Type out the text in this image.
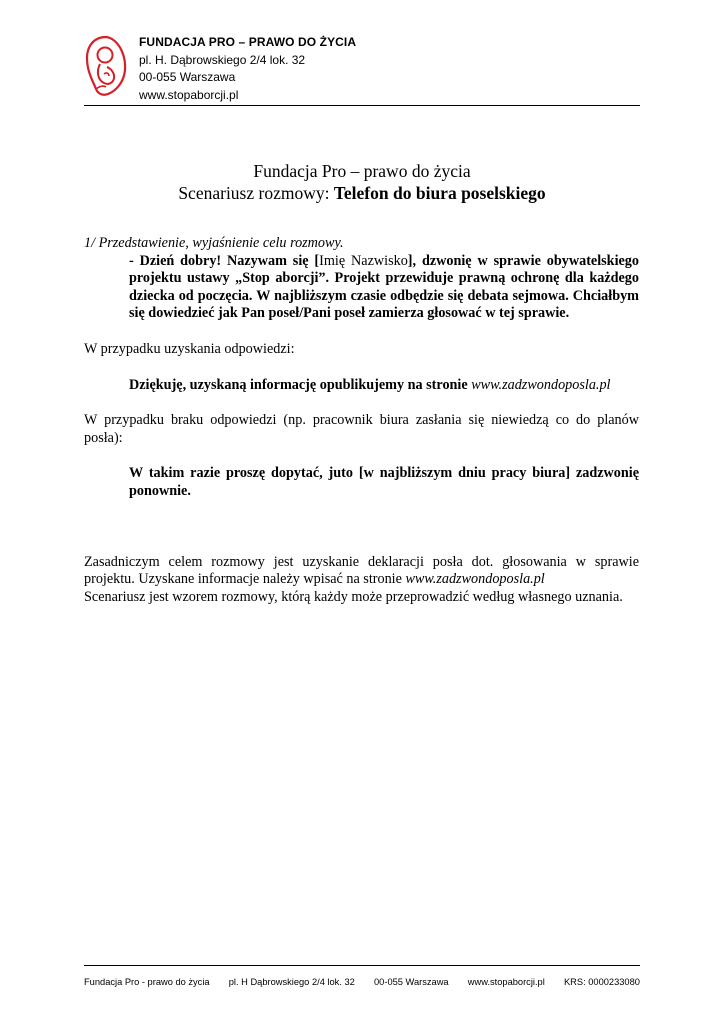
FUNDACJA PRO – PRAWO DO ŻYCIA
pl. H. Dąbrowskiego 2/4 lok. 32
00-055 Warszawa
www.stopaborcji.pl
Fundacja Pro – prawo do życia
Scenariusz rozmowy: Telefon do biura poselskiego

1/ Przedstawienie, wyjaśnienie celu rozmowy.

- Dzień dobry! Nazywam się [Imię Nazwisko], dzwonię w sprawie obywatelskiego projektu ustawy „Stop aborcji”. Projekt przewiduje prawną ochronę dla każdego dziecka od poczęcia. W najbliższym czasie odbędzie się debata sejmowa. Chciałbym się dowiedzieć jak Pan poseł/Pani poseł zamierza głosować w tej sprawie.

W przypadku uzyskania odpowiedzi:

Dziękuję, uzyskaną informację opublikujemy na stronie www.zadzwondoposla.pl

W przypadku braku odpowiedzi (np. pracownik biura zasłania się niewiedzą co do planów posła):

W takim razie proszę dopytać, juto [w najbliższym dniu pracy biura] zadzwonię ponownie.

Zasadniczym celem rozmowy jest uzyskanie deklaracji posła dot. głosowania w sprawie projektu. Uzyskane informacje należy wpisać na stronie www.zadzwondoposla.pl

Scenariusz jest wzorem rozmowy, którą każdy może przeprowadzić według własnego uznania.

Fundacja Pro - prawo do życia pl. H Dąbrowskiego 2/4 lok. 32 00-055 Warszawa www.stopaborcji.pl KRS: 0000233080
